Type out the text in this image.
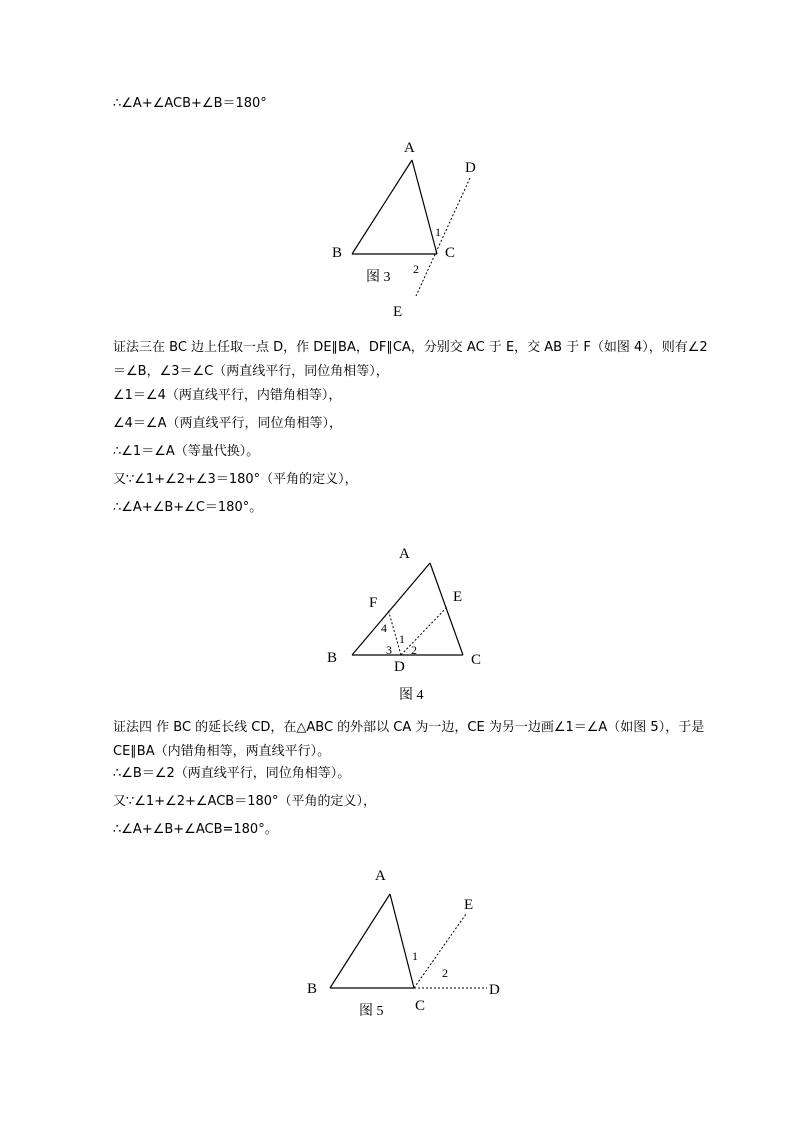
∴∠A+∠ACB+∠B＝180°
A
B	C
D
E
1
2
图 3
证法三在 BC 边上任取一点 D，作 DE∥BA，DF∥CA，分别交 AC 于 E，交 AB 于 F（如图 4），则有∠2＝∠B，∠3＝∠C（两直线平行，同位角相等），
∠1＝∠4（两直线平行，内错角相等），
∠4＝∠A（两直线平行，同位角相等），
∴∠1＝∠A（等量代换）。
又∵∠1+∠2+∠3＝180°（平角的定义），
∴∠A+∠B+∠C＝180°。
A
B	C
D
E
F
1
2
3
4
图 4
证法四 作 BC 的延长线 CD，在△ABC 的外部以 CA 为一边，CE 为另一边画∠1＝∠A（如图 5），于是 CE∥BA（内错角相等，两直线平行）。
∴∠B＝∠2（两直线平行，同位角相等）。
又∵∠1+∠2+∠ACB＝180°（平角的定义），
∴∠A+∠B+∠ACB=180°。
A
B
C
D
E
1
2
图 5
